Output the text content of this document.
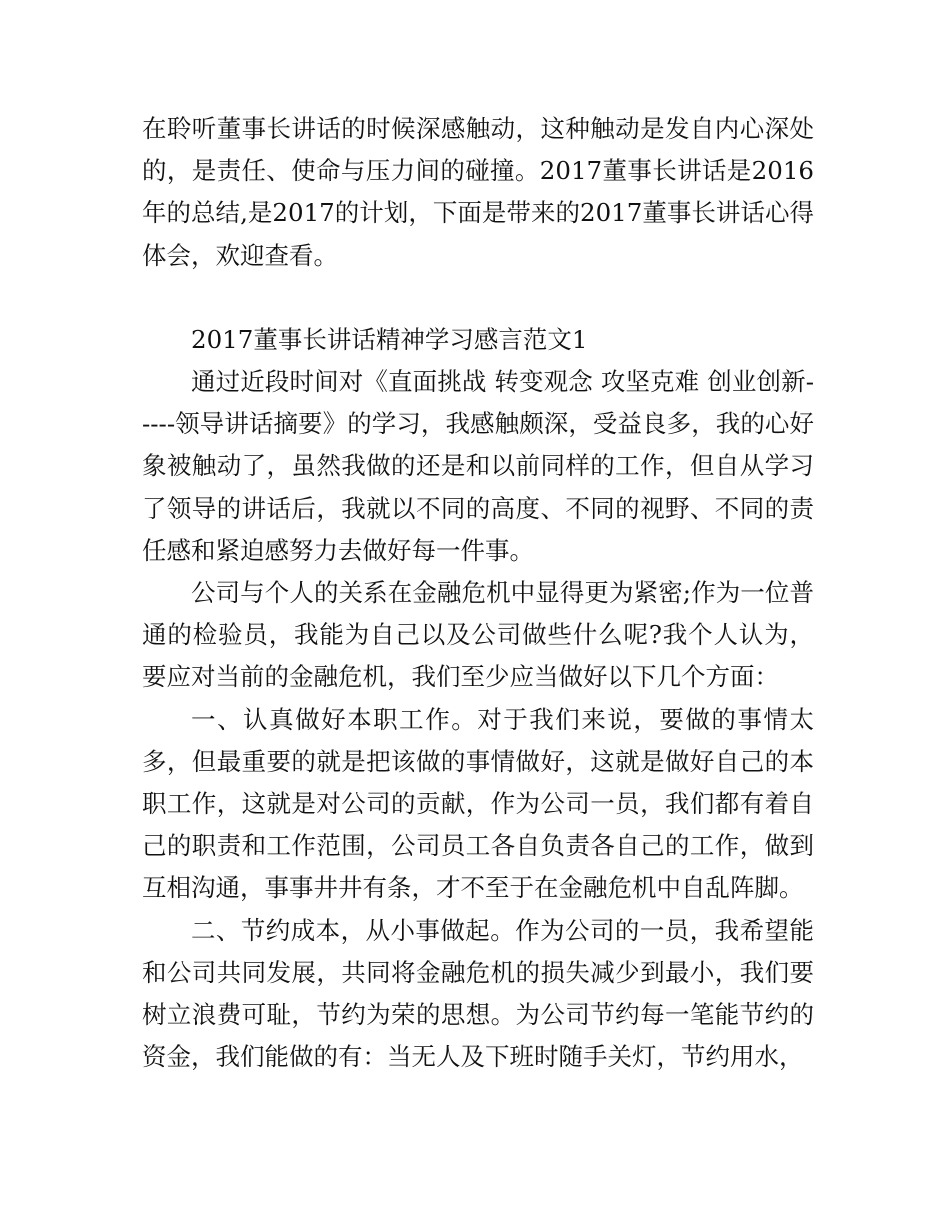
在聆听董事长讲话的时候深感触动，这种触动是发自内心深处的，是责任、使命与压力间的碰撞。2017董事长讲话是2016年的总结,是2017的计划，下面是带来的2017董事长讲话心得体会，欢迎查看。

2017董事长讲话精神学习感言范文1

通过近段时间对《直面挑战 转变观念 攻坚克难 创业创新-----领导讲话摘要》的学习，我感触颇深，受益良多，我的心好象被触动了，虽然我做的还是和以前同样的工作，但自从学习了领导的讲话后，我就以不同的高度、不同的视野、不同的责任感和紧迫感努力去做好每一件事。

公司与个人的关系在金融危机中显得更为紧密;作为一位普通的检验员，我能为自己以及公司做些什么呢?我个人认为，要应对当前的金融危机，我们至少应当做好以下几个方面：

一、认真做好本职工作。对于我们来说，要做的事情太多，但最重要的就是把该做的事情做好，这就是做好自己的本职工作，这就是对公司的贡献，作为公司一员，我们都有着自己的职责和工作范围，公司员工各自负责各自己的工作，做到互相沟通，事事井井有条，才不至于在金融危机中自乱阵脚。

二、节约成本，从小事做起。作为公司的一员，我希望能和公司共同发展，共同将金融危机的损失减少到最小，我们要树立浪费可耻，节约为荣的思想。为公司节约每一笔能节约的资金，我们能做的有：当无人及下班时随手关灯，节约用水，
